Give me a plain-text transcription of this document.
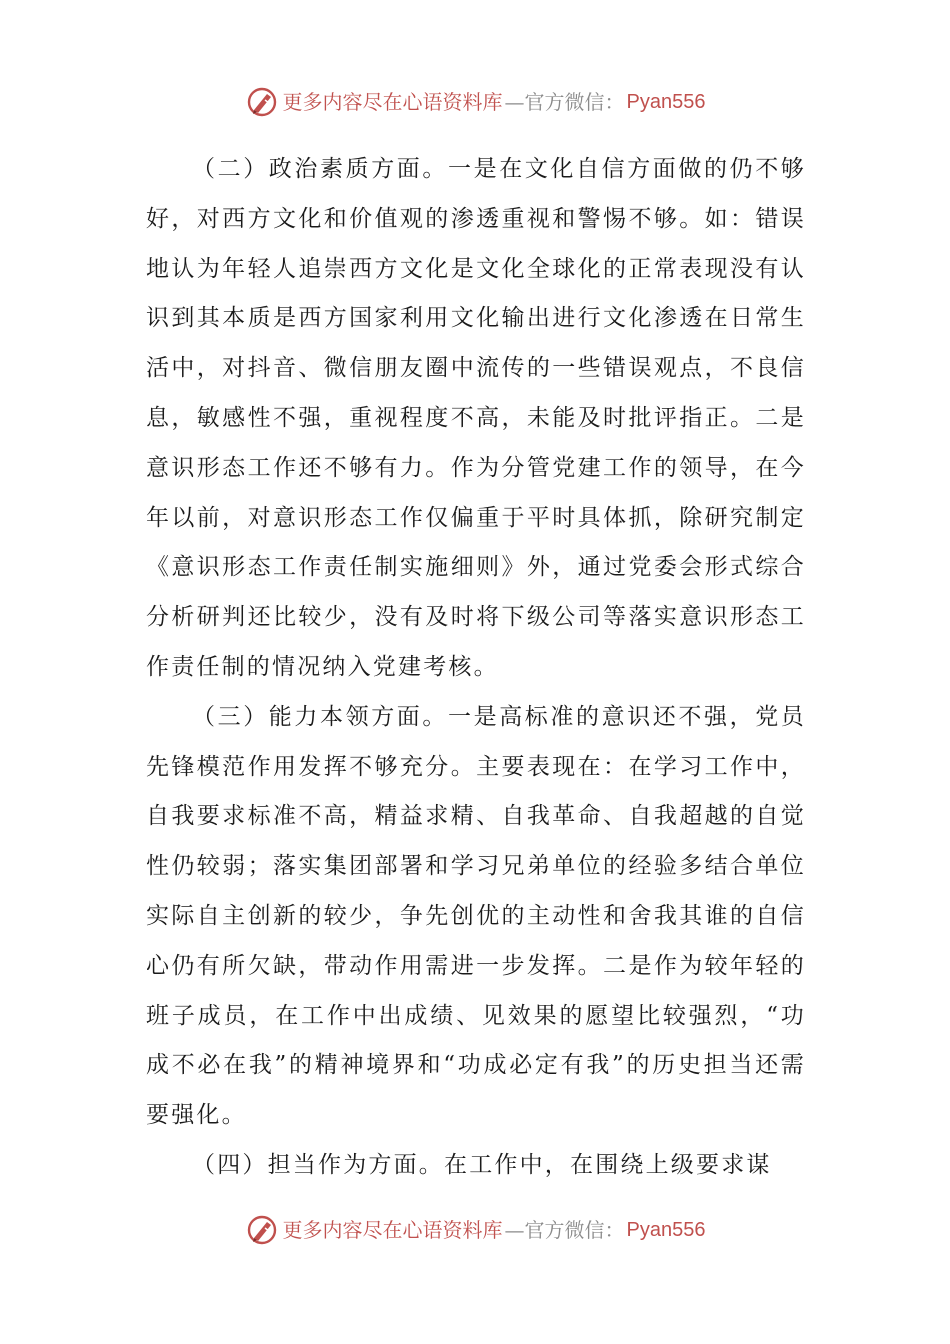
更多内容尽在心语资料库 —官方微信： Pyan556

（二）政治素质方面。一是在文化自信方面做的仍不够好，对西方文化和价值观的渗透重视和警惕不够。如：错误地认为年轻人追崇西方文化是文化全球化的正常表现没有认识到其本质是西方国家利用文化输出进行文化渗透在日常生活中，对抖音、微信朋友圈中流传的一些错误观点，不良信息，敏感性不强，重视程度不高，未能及时批评指正。二是意识形态工作还不够有力。作为分管党建工作的领导，在今年以前，对意识形态工作仅偏重于平时具体抓，除研究制定《意识形态工作责任制实施细则》外，通过党委会形式综合分析研判还比较少，没有及时将下级公司等落实意识形态工作责任制的情况纳入党建考核。

（三）能力本领方面。一是高标准的意识还不强，党员先锋模范作用发挥不够充分。主要表现在：在学习工作中，自我要求标准不高，精益求精、自我革命、自我超越的自觉性仍较弱；落实集团部署和学习兄弟单位的经验多结合单位实际自主创新的较少，争先创优的主动性和舍我其谁的自信心仍有所欠缺，带动作用需进一步发挥。二是作为较年轻的班子成员，在工作中出成绩、见效果的愿望比较强烈，“功成不必在我”的精神境界和“功成必定有我”的历史担当还需要强化。

（四）担当作为方面。在工作中，在围绕上级要求谋

更多内容尽在心语资料库 —官方微信： Pyan556
